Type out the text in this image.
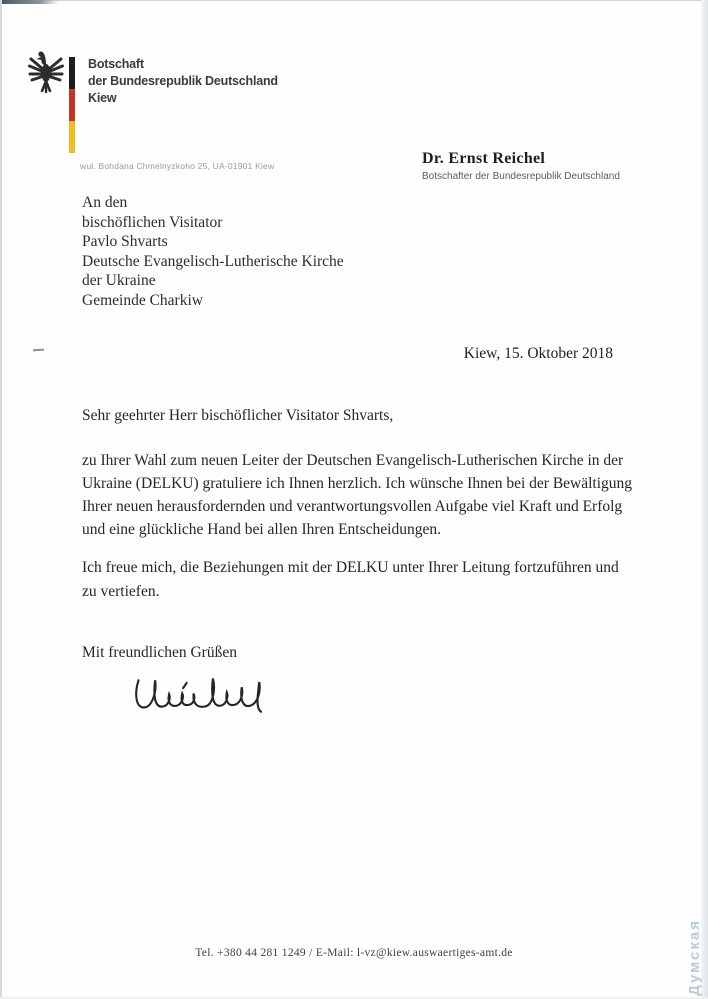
Botschaft
der Bundesrepublik Deutschland
Kiew
wul. Bohdana Chmelnyzkoho 25, UA-01901 Kiew	Dr. Ernst Reichel
Botschafter der Bundesrepublik Deutschland
An den
bischöflichen Visitator
Pavlo Shvarts
Deutsche Evangelisch-Lutherische Kirche
der Ukraine
Gemeinde Charkiw
Kiew, 15. Oktober 2018
Sehr geehrter Herr bischöflicher Visitator Shvarts,
zu Ihrer Wahl zum neuen Leiter der Deutschen Evangelisch-Lutherischen Kirche in der Ukraine (DELKU) gratuliere ich Ihnen herzlich. Ich wünsche Ihnen bei der Bewältigung Ihrer neuen herausfordernden und verantwortungsvollen Aufgabe viel Kraft und Erfolg und eine glückliche Hand bei allen Ihren Entscheidungen.
Ich freue mich, die Beziehungen mit der DELKU unter Ihrer Leitung fortzuführen und zu vertiefen.
Mit freundlichen Grüßen
Tel. +380 44 281 1249 / E-Mail: l-vz@kiew.auswaertiges-amt.de	Думская
